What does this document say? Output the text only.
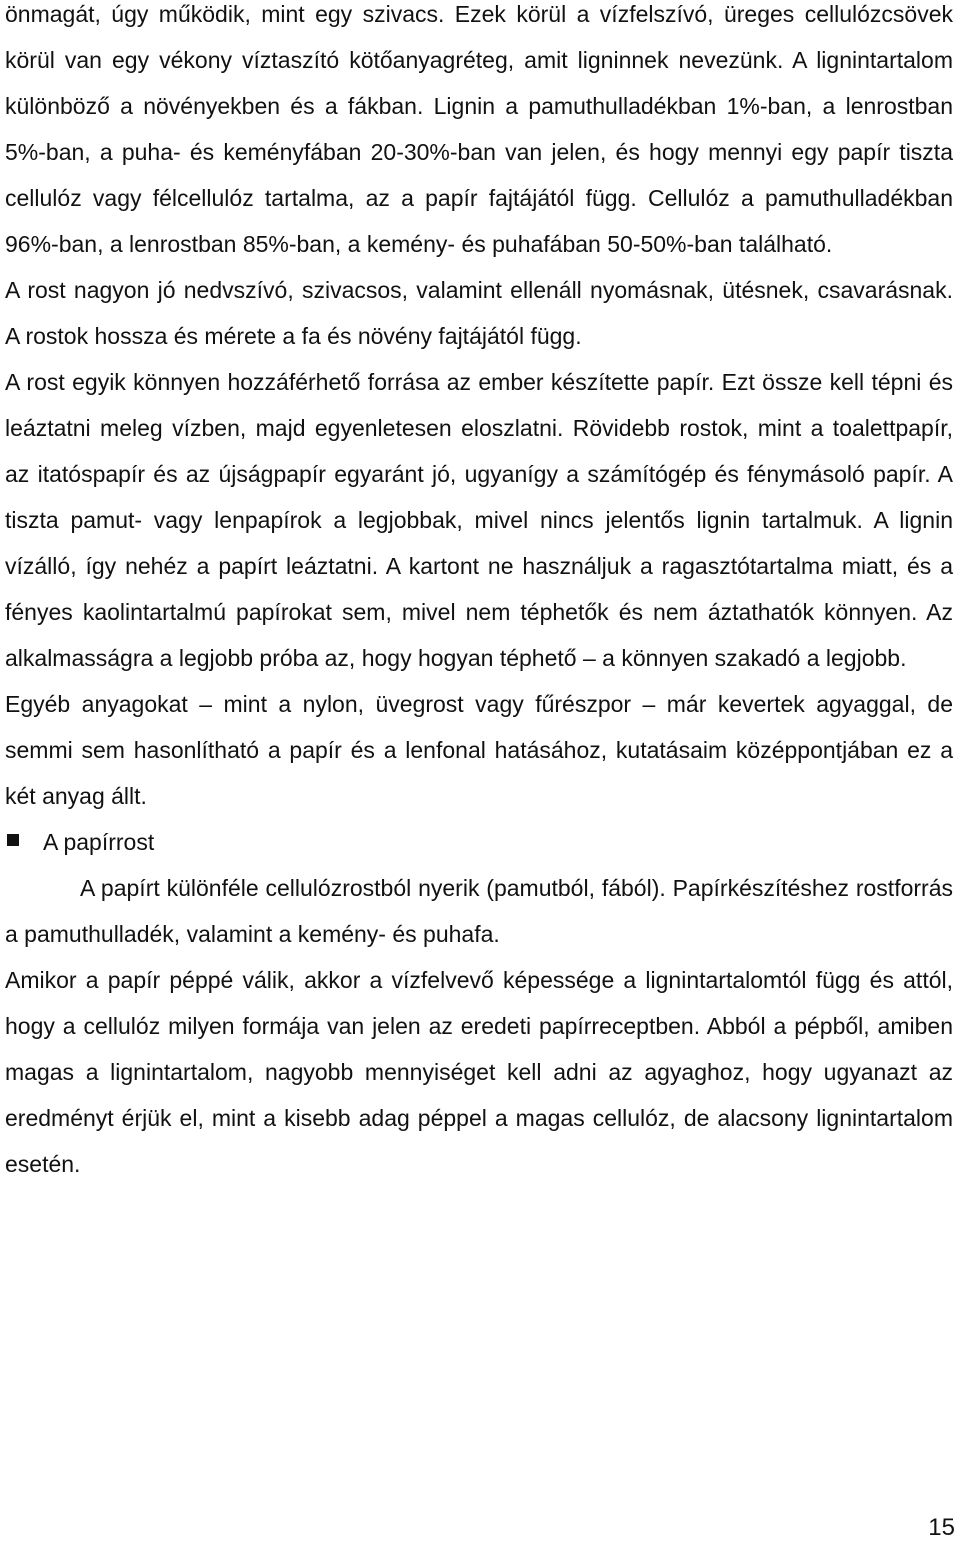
önmagát, úgy működik, mint egy szivacs. Ezek körül a vízfelszívó, üreges cellulózcsövek körül van egy vékony víztaszító kötőanyagréteg, amit ligninnek nevezünk. A lignintartalom különböző a növényekben és a fákban. Lignin a pamuthulladékban 1%-ban, a lenrostban 5%-ban, a puha- és keményfában 20-30%-ban van jelen, és hogy mennyi egy papír tiszta cellulóz vagy félcellulóz tartalma, az a papír fajtájától függ. Cellulóz a pamuthulladékban 96%-ban, a lenrostban 85%-ban, a kemény- és puhafában 50-50%-ban található.

A rost nagyon jó nedvszívó, szivacsos, valamint ellenáll nyomásnak, ütésnek, csavarásnak. A rostok hossza és mérete a fa és növény fajtájától függ.

A rost egyik könnyen hozzáférhető forrása az ember készítette papír. Ezt össze kell tépni és leáztatni meleg vízben, majd egyenletesen eloszlatni. Rövidebb rostok, mint a toalettpapír, az itatóspapír és az újságpapír egyaránt jó, ugyanígy a számítógép és fénymásoló papír. A tiszta pamut- vagy lenpapírok a legjobbak, mivel nincs jelentős lignin tartalmuk. A lignin vízálló, így nehéz a papírt leáztatni. A kartont ne használjuk a ragasztótartalma miatt, és a fényes kaolintartalmú papírokat sem, mivel nem téphetők és nem áztathatók könnyen. Az alkalmasságra a legjobb próba az, hogy hogyan téphető – a könnyen szakadó a legjobb.

Egyéb anyagokat – mint a nylon, üvegrost vagy fűrészpor – már kevertek agyaggal, de semmi sem hasonlítható a papír és a lenfonal hatásához, kutatásaim középpontjában ez a két anyag állt.

A papírrost

A papírt különféle cellulózrostból nyerik (pamutból, fából). Papírkészítéshez rostforrás a pamuthulladék, valamint a kemény- és puhafa.

Amikor a papír péppé válik, akkor a vízfelvevő képessége a lignintartalomtól függ és attól, hogy a cellulóz milyen formája van jelen az eredeti papírreceptben. Abból a pépből, amiben magas a lignintartalom, nagyobb mennyiséget kell adni az agyaghoz, hogy ugyanazt az eredményt érjük el, mint a kisebb adag péppel a magas cellulóz, de alacsony lignintartalom esetén.

15
